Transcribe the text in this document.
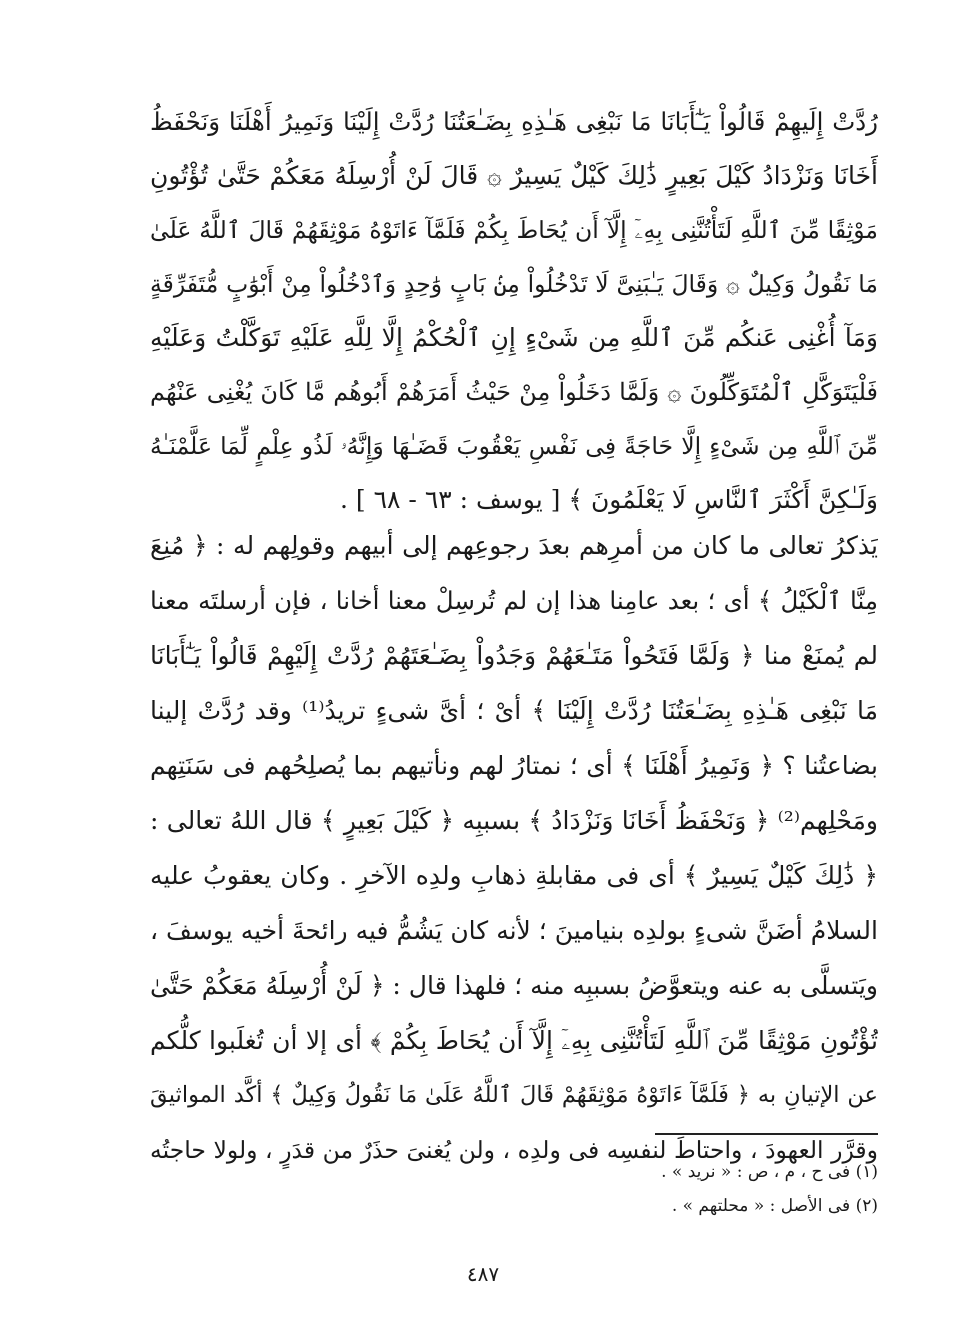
رُدَّتْ إِلَيهِمْ قَالُواْ يَـٰٓأَبَانَا مَا نَبْغِى هَـٰذِهِ بِضَـٰعَتُنَا رُدَّتْ إِلَيْنَا وَنَمِيرُ أَهْلَنَا وَنَحْفَظُ
أَخَانَا وَنَزْدَادُ كَيْلَ بَعِيرٍ ذَٰلِكَ كَيْلٌ يَسِيرٌ ۞ قَالَ لَنْ أُرْسِلَهُ مَعَكُمْ حَتَّىٰ تُؤْتُونِ
مَوْثِقًا مِّنَ ٱللَّهِ لَتَأْتُنَّنِى بِهِۦٓ إِلَّآ أَن يُحَاطَ بِكُمْ فَلَمَّآ ءَاتَوْهُ مَوْثِقَهُمْ قَالَ ٱللَّهُ عَلَىٰ
مَا نَقُولُ وَكِيلٌ ۞ وَقَالَ يَـٰبَنِىَّ لَا تَدْخُلُواْ مِنۢ بَابٍ وَٰحِدٍ وَٱدْخُلُواْ مِنْ أَبْوَٰبٍ مُّتَفَرِّقَةٍ
وَمَآ أُغْنِى عَنكُم مِّنَ ٱللَّهِ مِن شَىْءٍ إِنِ ٱلْحُكْمُ إِلَّا لِلَّهِ عَلَيْهِ تَوَكَّلْتُ وَعَلَيْهِ
فَلْيَتَوَكَّلِ ٱلْمُتَوَكِّلُونَ ۞ وَلَمَّا دَخَلُواْ مِنْ حَيْثُ أَمَرَهُمْ أَبُوهُم مَّا كَانَ يُغْنِى عَنْهُم
مِّنَ ٱللَّهِ مِن شَىْءٍ إِلَّا حَاجَةً فِى نَفْسِ يَعْقُوبَ قَضَـٰهَا وَإِنَّهُۥ لَذُو عِلْمٍ لِّمَا عَلَّمْنَـٰهُ
وَلَـٰكِنَّ أَكْثَرَ ٱلنَّاسِ لَا يَعْلَمُونَ ﴾ [ يوسف : ٦٣ - ٦٨ ] .
يَذكرُ تعالى ما كان من أمرِهم بعدَ رجوعِهم إلى أبيهم وقولِهم له : ﴿ مُنِعَ
مِنَّا ٱلْكَيْلُ ﴾ أى ؛ بعد عامِنا هذا إن لم تُرسِلْ معنا أخانا ، فإن أرسلتَه معنا
لم يُمنَعْ منا ﴿ وَلَمَّا فَتَحُواْ مَتَـٰعَهُمْ وَجَدُواْ بِضَـٰعَتَهُمْ رُدَّتْ إِلَيْهِمْ قَالُواْ يَـٰٓأَبَانَا
مَا نَبْغِى هَـٰذِهِ بِضَـٰعَتُنَا رُدَّتْ إِلَيْنَا ﴾ أىْ ؛ أىَّ شىءٍ تريدُ⁽¹⁾ وقد رُدَّتْ إلينا
بضاعتُنا ؟ ﴿ وَنَمِيرُ أَهْلَنَا ﴾ أى ؛ نمتارُ لهم ونأتيهم بما يُصلِحُهم فى سَنَتِهم
ومَحْلِهم⁽²⁾ ﴿ وَنَحْفَظُ أَخَانَا وَنَزْدَادُ ﴾ بسببِه ﴿ كَيْلَ بَعِيرٍ ﴾ قال اللهُ تعالى :
﴿ ذَٰلِكَ كَيْلٌ يَسِيرٌ ﴾ أى فى مقابلةِ ذهابِ ولدِه الآخرِ . وكان يعقوبُ عليه
السلامُ أضَنَّ شىءٍ بولدِه بنيامينَ ؛ لأنه كان يَشُمُّ فيه رائحةَ أخيه يوسفَ ،
ويَتسلَّى به عنه ويتعوَّضُ بسببِه منه ؛ فلهذا قال : ﴿ لَنْ أُرْسِلَهُ مَعَكُمْ حَتَّىٰ
تُؤْتُونِ مَوْثِقًا مِّنَ ٱللَّهِ لَتَأْتُنَّنِى بِهِۦٓ إِلَّآ أَن يُحَاطَ بِكُمْ ﴾ أى إلا أن تُغلَبوا كلُّكم
عن الإتيانِ به ﴿ فَلَمَّآ ءَاتَوْهُ مَوْثِقَهُمْ قَالَ ٱللَّهُ عَلَىٰ مَا نَقُولُ وَكِيلٌ ﴾ أكَّد المواثيقَ
وقرَّر العهودَ ، واحتاطَ لنفسِه فى ولدِه ، ولن يُغنىَ حذَرٌ من قدَرٍ ، ولولا حاجتُه
(١) فى ح ، م ، ص : « نريد » .
(٢) فى الأصل : « محلتهم » .
٤٨٧
